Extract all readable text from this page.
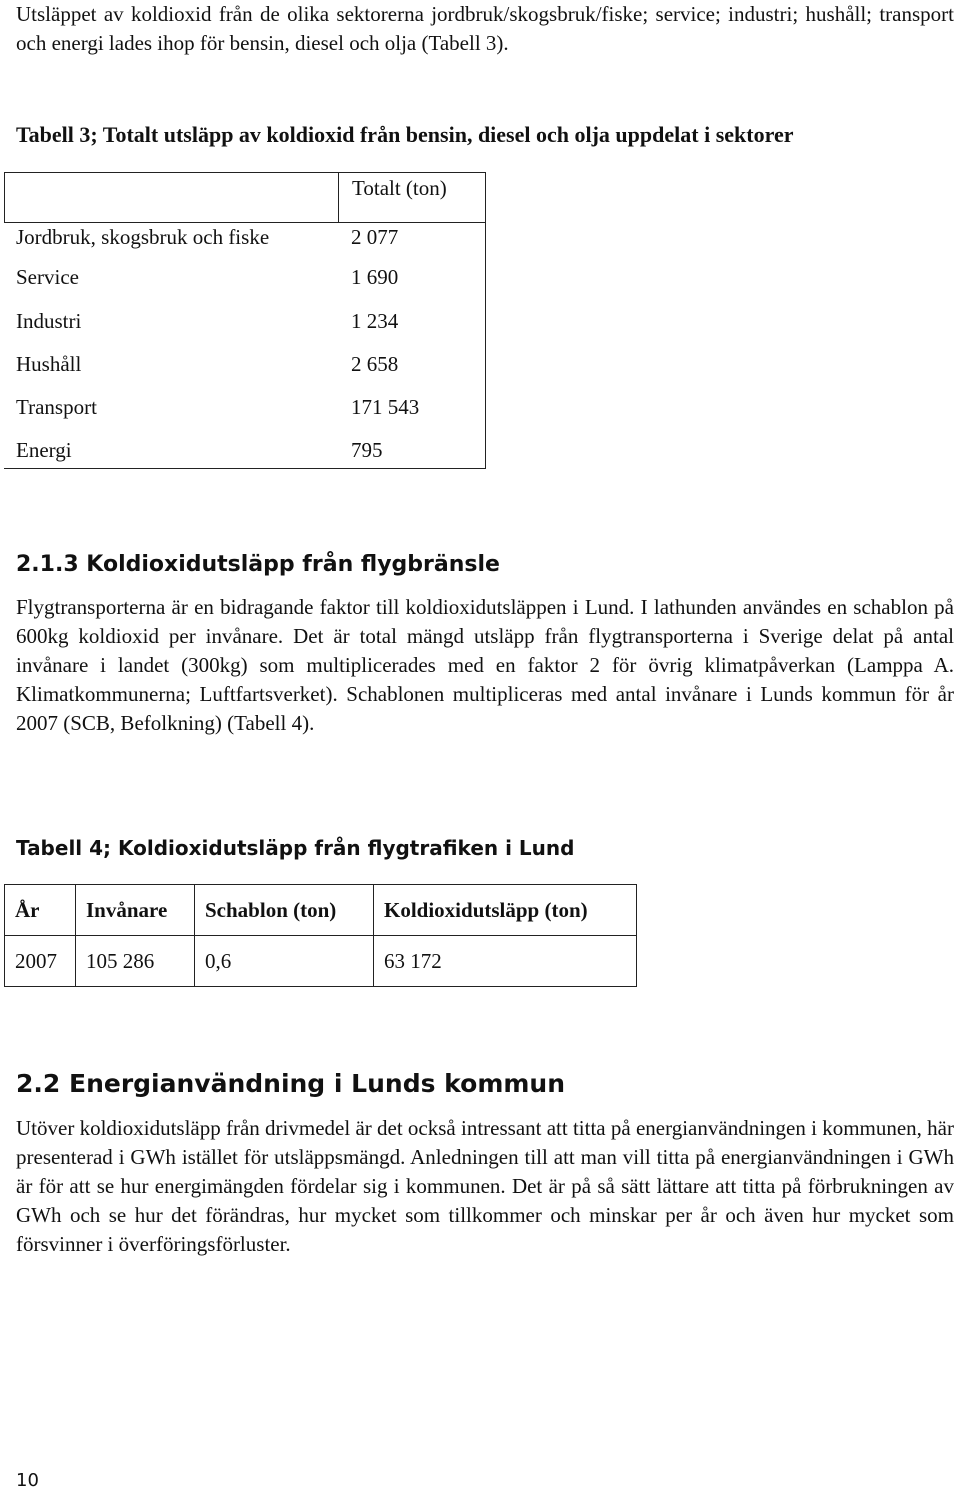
Utsläppet av koldioxid från de olika sektorerna jordbruk/skogsbruk/fiske; service; industri; hushåll; transport och energi lades ihop för bensin, diesel och olja (Tabell 3).
Tabell 3; Totalt utsläpp av koldioxid från bensin, diesel och olja uppdelat i sektorer
Totalt (ton)
Jordbruk, skogsbruk och fiske	2 077
Service	1 690
Industri	1 234
Hushåll	2 658
Transport	171 543
Energi	795
2.1.3 Koldioxidutsläpp från flygbränsle
Flygtransporterna är en bidragande faktor till koldioxidutsläppen i Lund. I lathunden användes en schablon på 600kg koldioxid per invånare. Det är total mängd utsläpp från flygtransporterna i Sverige delat på antal invånare i landet (300kg) som multiplicerades med en faktor 2 för övrig klimatpåverkan (Lamppa A. Klimatkommunerna; Luftfartsverket). Schablonen multipliceras med antal invånare i Lunds kommun för år 2007 (SCB, Befolkning) (Tabell 4).
Tabell 4; Koldioxidutsläpp från flygtrafiken i Lund
År	Invånare	Schablon (ton)	Koldioxidutsläpp (ton)
2007	105 286	0,6	63 172
2.2 Energianvändning i Lunds kommun
Utöver koldioxidutsläpp från drivmedel är det också intressant att titta på energianvändningen i kommunen, här presenterad i GWh istället för utsläppsmängd. Anledningen till att man vill titta på energianvändningen i GWh är för att se hur energimängden fördelar sig i kommunen. Det är på så sätt lättare att titta på förbrukningen av GWh och se hur det förändras, hur mycket som tillkommer och minskar per år och även hur mycket som försvinner i överföringsförluster.
10
